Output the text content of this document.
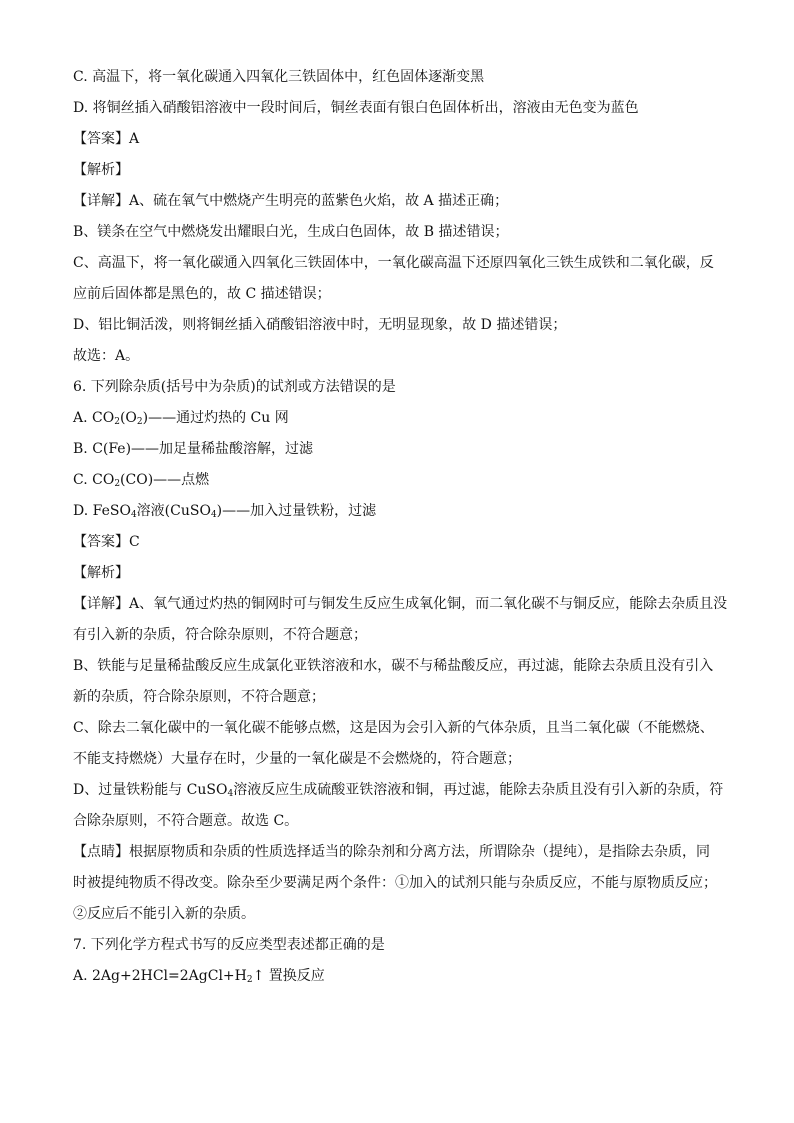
C. 高温下，将一氧化碳通入四氧化三铁固体中，红色固体逐渐变黑
D. 将铜丝插入硝酸铝溶液中一段时间后，铜丝表面有银白色固体析出，溶液由无色变为蓝色
【答案】A
【解析】
【详解】A、硫在氧气中燃烧产生明亮的蓝紫色火焰，故 A 描述正确；
B、镁条在空气中燃烧发出耀眼白光，生成白色固体，故 B 描述错误；
C、高温下，将一氧化碳通入四氧化三铁固体中，一氧化碳高温下还原四氧化三铁生成铁和二氧化碳，反
应前后固体都是黑色的，故 C 描述错误；
D、铝比铜活泼，则将铜丝插入硝酸铝溶液中时，无明显现象，故 D 描述错误；
故选：A。
6. 下列除杂质(括号中为杂质)的试剂或方法错误的是
A. $CO_2(O_2)——$通过灼热的 Cu 网
B. C(Fe)——加足量稀盐酸溶解，过滤
C. $CO_2(CO)——$点燃
D. FeSO$_4$溶液(CuSO$_4$)——加入过量铁粉，过滤
【答案】C
【解析】
【详解】A、氧气通过灼热的铜网时可与铜发生反应生成氧化铜，而二氧化碳不与铜反应，能除去杂质且没
有引入新的杂质，符合除杂原则，不符合题意；
B、铁能与足量稀盐酸反应生成氯化亚铁溶液和水，碳不与稀盐酸反应，再过滤，能除去杂质且没有引入
新的杂质，符合除杂原则，不符合题意；
C、除去二氧化碳中的一氧化碳不能够点燃，这是因为会引入新的气体杂质，且当二氧化碳（不能燃烧、
不能支持燃烧）大量存在时，少量的一氧化碳是不会燃烧的，符合题意；
D、过量铁粉能与 CuSO$_4$溶液反应生成硫酸亚铁溶液和铜，再过滤，能除去杂质且没有引入新的杂质，符
合除杂原则，不符合题意。故选 C。
【点睛】根据原物质和杂质的性质选择适当的除杂剂和分离方法，所谓除杂（提纯），是指除去杂质，同
时被提纯物质不得改变。除杂至少要满足两个条件：①加入的试剂只能与杂质反应，不能与原物质反应；
②反应后不能引入新的杂质。
7. 下列化学方程式书写的反应类型表述都正确的是
A. $2Ag+2HCl=2AgCl+H_2↑$ 置换反应
